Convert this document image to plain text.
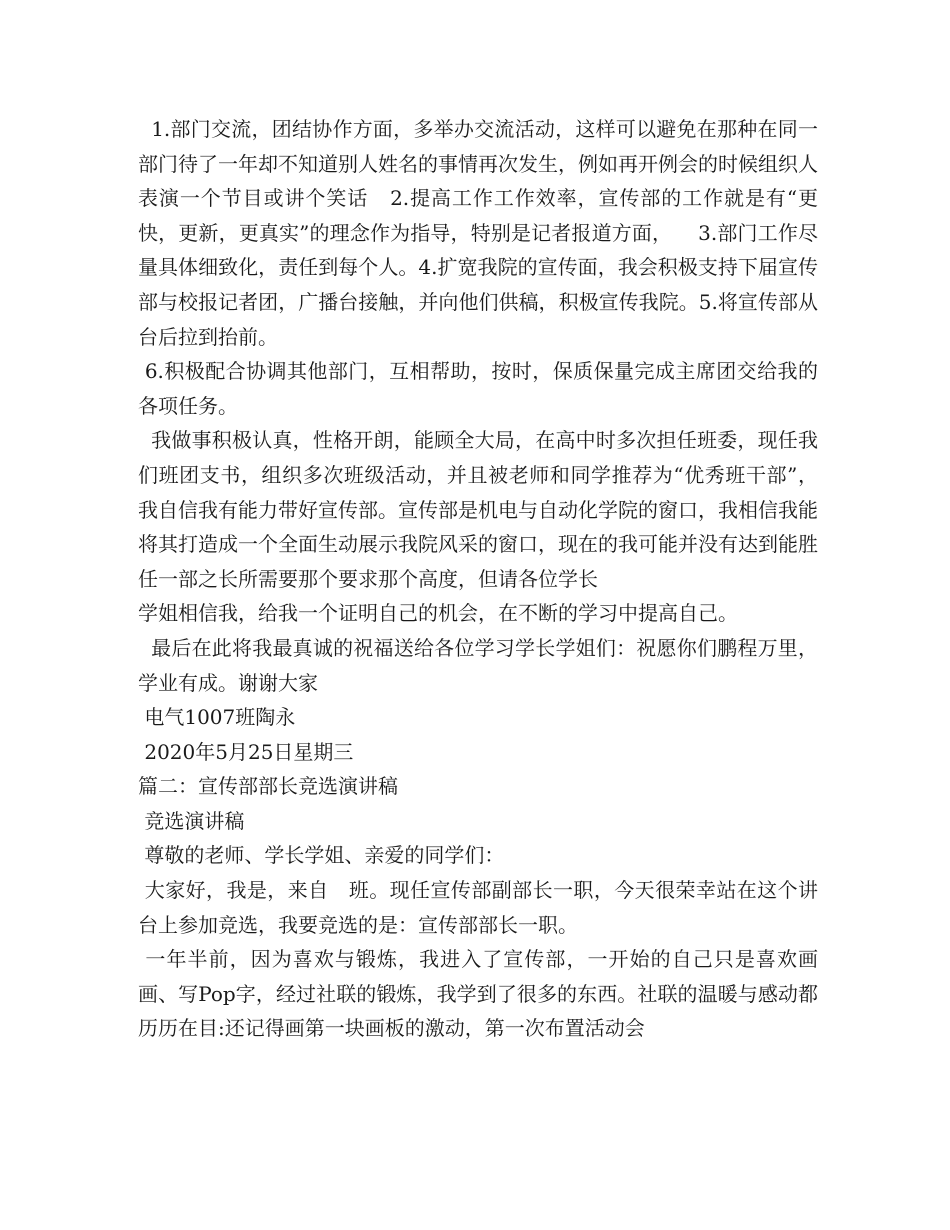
1.部门交流，团结协作方面，多举办交流活动，这样可以避免在那种在同一部门待了一年却不知道别人姓名的事情再次发生，例如再开例会的时候组织人表演一个节目或讲个笑话   2.提高工作工作效率，宣传部的工作就是有“更快，更新，更真实”的理念作为指导，特别是记者报道方面，    3.部门工作尽量具体细致化，责任到每个人。4.扩宽我院的宣传面，我会积极支持下届宣传部与校报记者团，广播台接触，并向他们供稿，积极宣传我院。5.将宣传部从台后拉到抬前。

6.积极配合协调其他部门，互相帮助，按时，保质保量完成主席团交给我的各项任务。

我做事积极认真，性格开朗，能顾全大局，在高中时多次担任班委，现任我们班团支书，组织多次班级活动，并且被老师和同学推荐为“优秀班干部”，我自信我有能力带好宣传部。宣传部是机电与自动化学院的窗口，我相信我能将其打造成一个全面生动展示我院风采的窗口，现在的我可能并没有达到能胜任一部之长所需要那个要求那个高度，但请各位学长

学姐相信我，给我一个证明自己的机会，在不断的学习中提高自己。

最后在此将我最真诚的祝福送给各位学习学长学姐们：祝愿你们鹏程万里，学业有成。谢谢大家

电气1007班陶永

2020年5月25日星期三

篇二：宣传部部长竞选演讲稿

竞选演讲稿

尊敬的老师、学长学姐、亲爱的同学们：

大家好，我是，来自   班。现任宣传部副部长一职，今天很荣幸站在这个讲台上参加竞选，我要竞选的是：宣传部部长一职。

一年半前，因为喜欢与锻炼，我进入了宣传部，一开始的自己只是喜欢画画、写Pop字，经过社联的锻炼，我学到了很多的东西。社联的温暖与感动都历历在目:还记得画第一块画板的激动，第一次布置活动会
